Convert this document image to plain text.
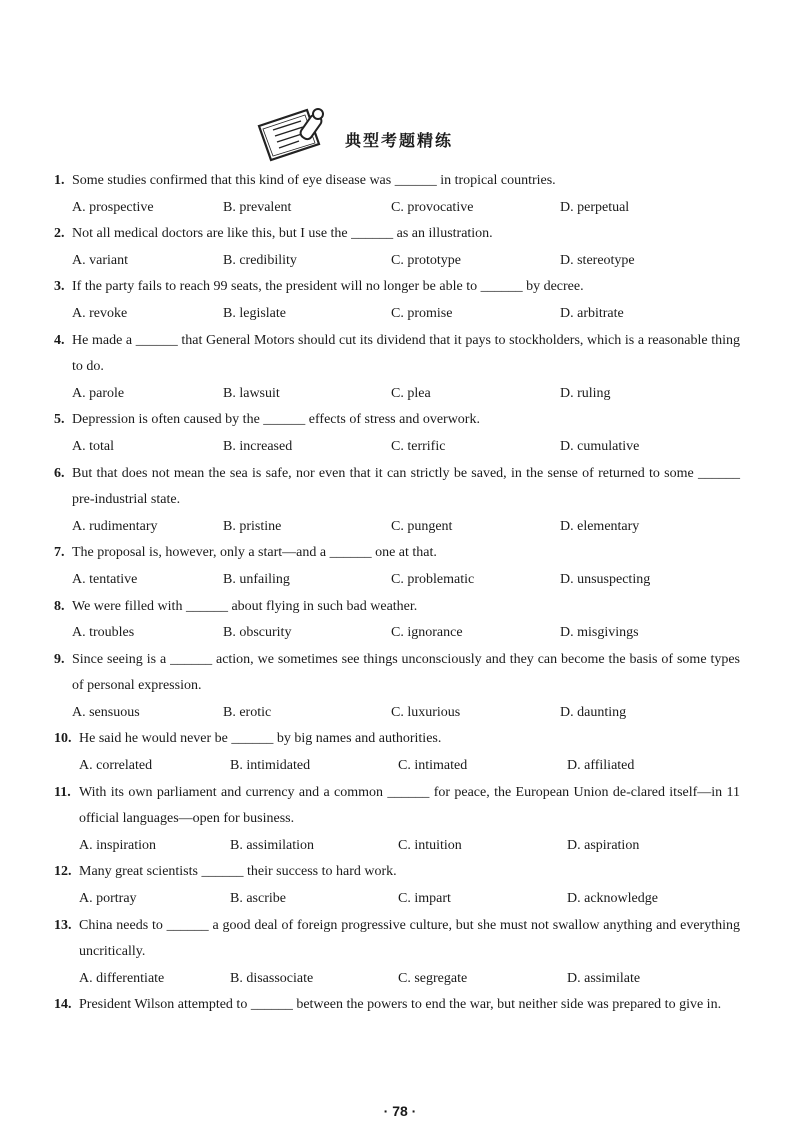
典型考题精练
1. Some studies confirmed that this kind of eye disease was ______ in tropical countries.
A. prospective	B. prevalent	C. provocative	D. perpetual
2. Not all medical doctors are like this, but I use the ______ as an illustration.
A. variant	B. credibility	C. prototype	D. stereotype
3. If the party fails to reach 99 seats, the president will no longer be able to ______ by decree.
A. revoke	B. legislate	C. promise	D. arbitrate
4. He made a ______ that General Motors should cut its dividend that it pays to stockholders, which is a reasonable thing to do.
A. parole	B. lawsuit	C. plea	D. ruling
5. Depression is often caused by the ______ effects of stress and overwork.
A. total	B. increased	C. terrific	D. cumulative
6. But that does not mean the sea is safe, nor even that it can strictly be saved, in the sense of returned to some ______ pre-industrial state.
A. rudimentary	B. pristine	C. pungent	D. elementary
7. The proposal is, however, only a start—and a ______ one at that.
A. tentative	B. unfailing	C. problematic	D. unsuspecting
8. We were filled with ______ about flying in such bad weather.
A. troubles	B. obscurity	C. ignorance	D. misgivings
9. Since seeing is a ______ action, we sometimes see things unconsciously and they can become the basis of some types of personal expression.
A. sensuous	B. erotic	C. luxurious	D. daunting
10. He said he would never be ______ by big names and authorities.
A. correlated	B. intimidated	C. intimated	D. affiliated
11. With its own parliament and currency and a common ______ for peace, the European Union de-clared itself—in 11 official languages—open for business.
A. inspiration	B. assimilation	C. intuition	D. aspiration
12. Many great scientists ______ their success to hard work.
A. portray	B. ascribe	C. impart	D. acknowledge
13. China needs to ______ a good deal of foreign progressive culture, but she must not swallow anything and everything uncritically.
A. differentiate	B. disassociate	C. segregate	D. assimilate
14. President Wilson attempted to ______ between the powers to end the war, but neither side was prepared to give in.
· 78 ·
